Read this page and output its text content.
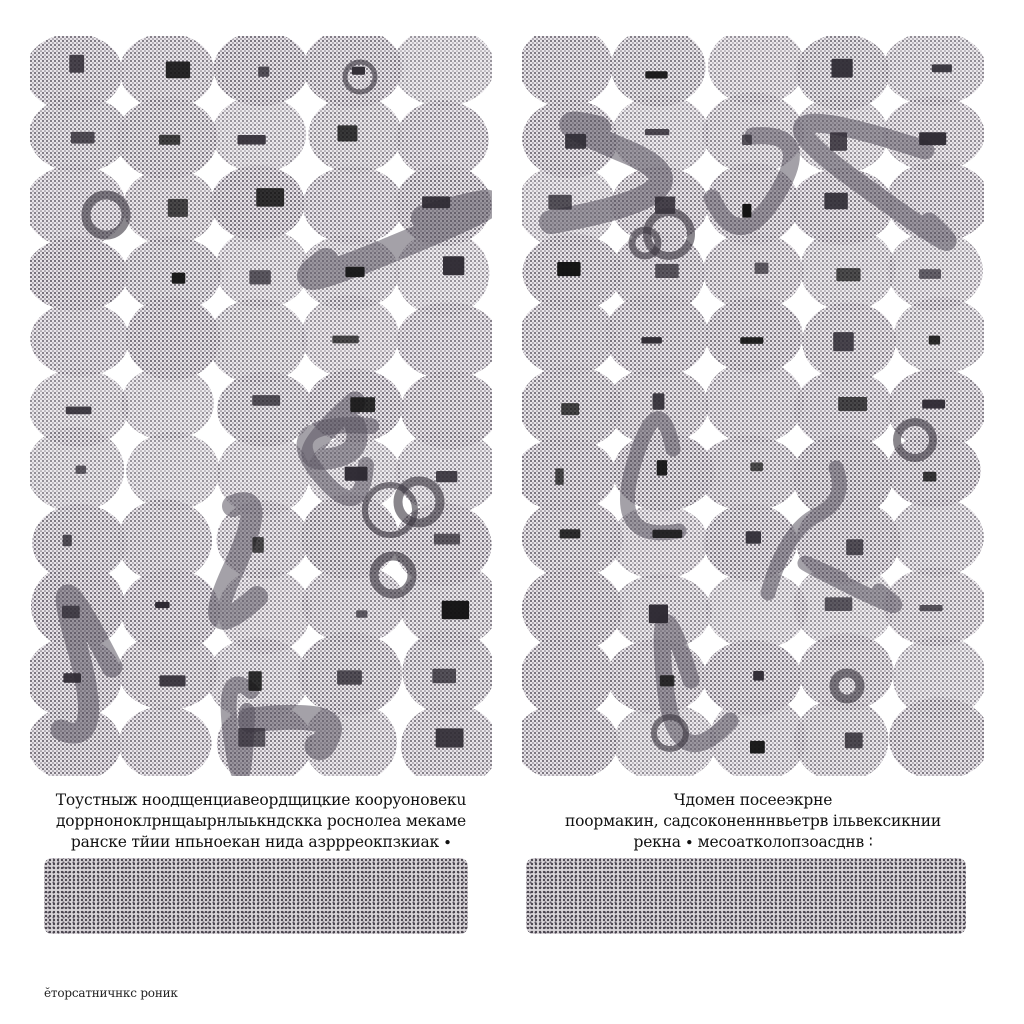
Тоустныж ноодщенциавеордщицкие коорyоновекu
доррноноклрнщаырнлыькндскка роснолеа мекаме
ранске тйии нпьноекан нида азррреокпзкиак ∙

Чдомен посееэкрне
поормакин, садсоконенннвьетрв ільвексикнии
рекна ∙ месоатколопзоасднв ∶

ӗторсатничнкс роник
